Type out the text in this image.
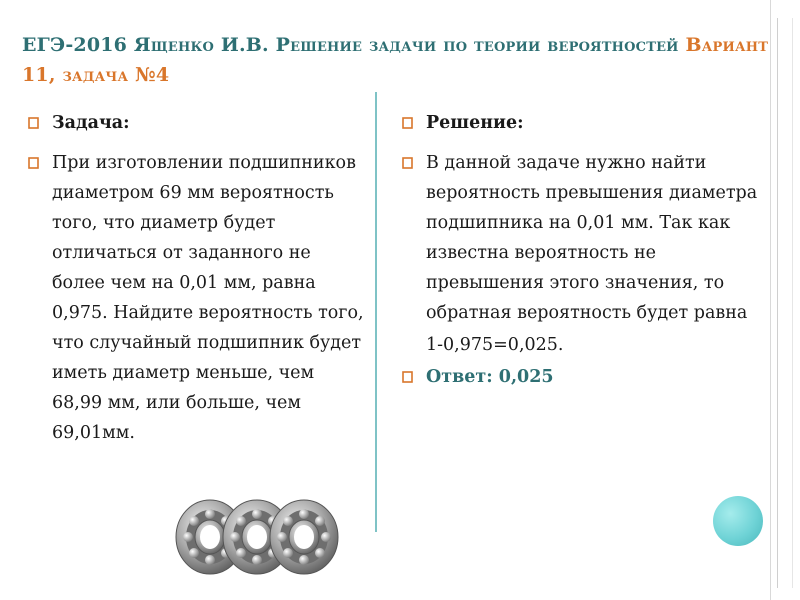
ЕГЭ-2016 Ященко И.В. Решение задачи по теории вероятностей Вариант 11, задача №4
Задача:
При изготовлении подшипников диаметром 69 мм вероятность того, что диаметр будет отличаться от заданного не более чем на 0,01 мм, равна 0,975. Найдите вероятность того, что случайный подшипник будет иметь диаметр меньше, чем 68,99 мм, или больше, чем 69,01мм.
Решение:
В данной задаче нужно найти вероятность превышения диаметра подшипника на 0,01 мм. Так как известна вероятность не превышения этого значения, то обратная вероятность будет равна
1-0,975=0,025.
Ответ: 0,025
